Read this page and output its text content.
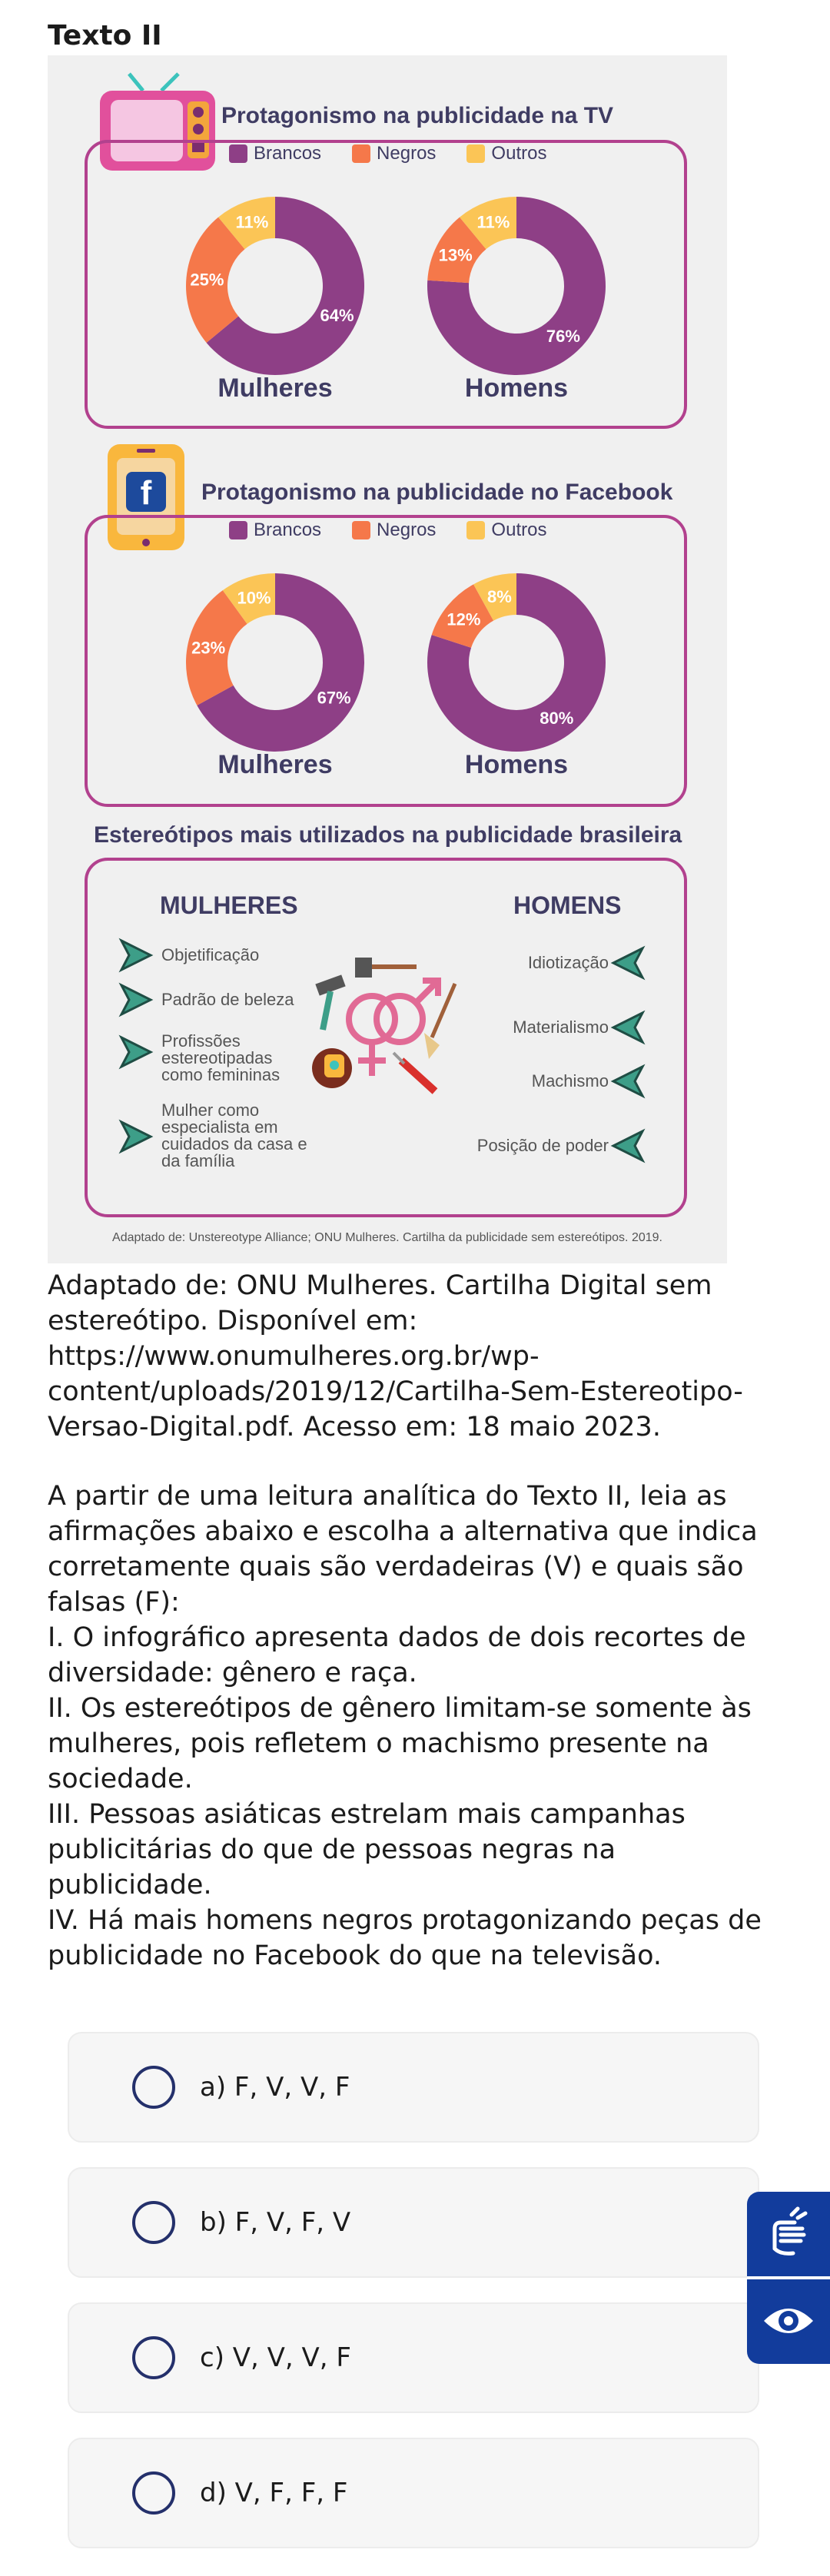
Texto II
Protagonismo na publicidade na TV
Brancos	Negros	Outros
64%
25%
11%
76%
13%
11%
Mulheres	Homens
f Protagonismo na publicidade no Facebook
Brancos	Negros	Outros
67%
23%
10%
80%
12%
8%
Mulheres	Homens
Estereótipos mais utilizados na publicidade brasileira
MULHERES	HOMENS
Objetificação
Padrão de beleza
Profissões estereotipadas como femininas
Mulher como especialista em cuidados da casa e da família
Idiotização
Materialismo
Machismo
Posição de poder
Adaptado de: Unstereotype Alliance; ONU Mulheres. Cartilha da publicidade sem estereótipos. 2019.
Adaptado de: ONU Mulheres. Cartilha Digital sem estereótipo. Disponível em: https://www.onumulheres.org.br/wp-content/uploads/2019/12/Cartilha-Sem-Estereotipo-Versao-Digital.pdf. Acesso em: 18 maio 2023.

A partir de uma leitura analítica do Texto II, leia as afirmações abaixo e escolha a alternativa que indica corretamente quais são verdadeiras (V) e quais são falsas (F):

I. O infográfico apresenta dados de dois recortes de diversidade: gênero e raça.

II. Os estereótipos de gênero limitam-se somente às mulheres, pois refletem o machismo presente na sociedade.

III. Pessoas asiáticas estrelam mais campanhas publicitárias do que de pessoas negras na publicidade.

IV. Há mais homens negros protagonizando peças de publicidade no Facebook do que na televisão.

a) F, V, V, F
b) F, V, F, V
c) V, V, V, F
d) V, F, F, F
